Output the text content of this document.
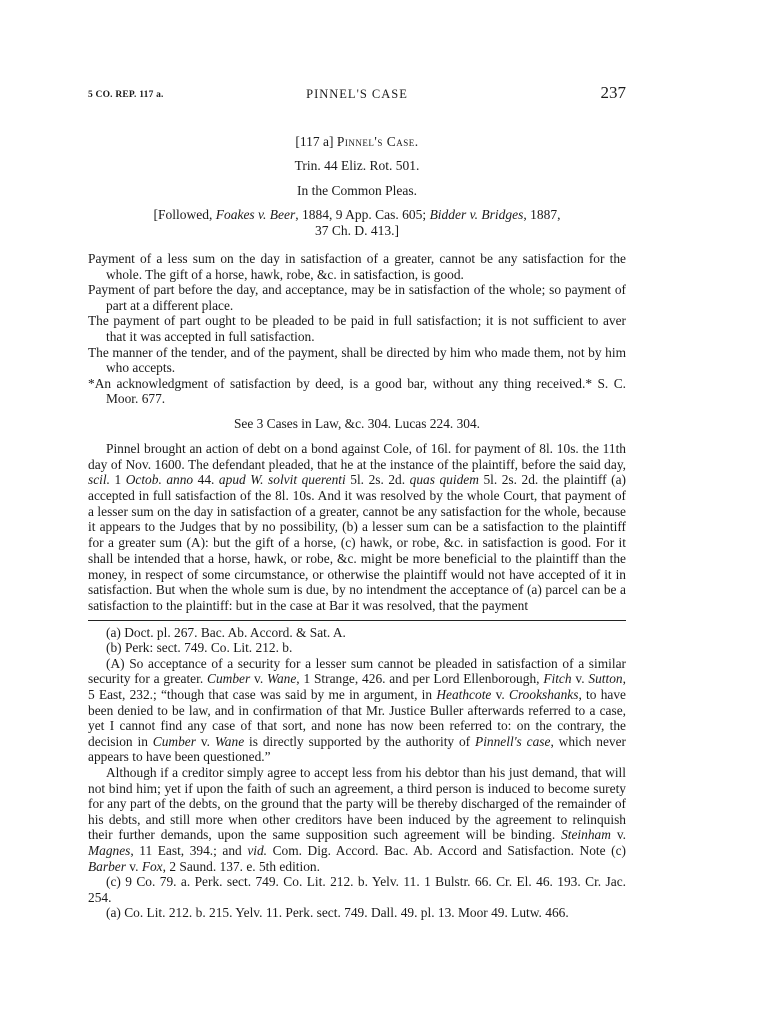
5 CO. REP. 117 a.	PINNEL'S CASE	237
[117 a] Pinnel's Case.
Trin. 44 Eliz. Rot. 501.
In the Common Pleas.
[Followed, Foakes v. Beer, 1884, 9 App. Cas. 605; Bidder v. Bridges, 1887,
37 Ch. D. 413.]

Payment of a less sum on the day in satisfaction of a greater, cannot be any satisfaction for the whole. The gift of a horse, hawk, robe, &c. in satisfaction, is good.

Payment of part before the day, and acceptance, may be in satisfaction of the whole; so payment of part at a different place.

The payment of part ought to be pleaded to be paid in full satisfaction; it is not sufficient to aver that it was accepted in full satisfaction.

The manner of the tender, and of the payment, shall be directed by him who made them, not by him who accepts.

*An acknowledgment of satisfaction by deed, is a good bar, without any thing received.* S. C. Moor. 677.

See 3 Cases in Law, &c. 304. Lucas 224. 304.

Pinnel brought an action of debt on a bond against Cole, of 16l. for payment of 8l. 10s. the 11th day of Nov. 1600. The defendant pleaded, that he at the instance of the plaintiff, before the said day, scil. 1 Octob. anno 44. apud W. solvit querenti 5l. 2s. 2d. quas quidem 5l. 2s. 2d. the plaintiff (a) accepted in full satisfaction of the 8l. 10s. And it was resolved by the whole Court, that payment of a lesser sum on the day in satisfaction of a greater, cannot be any satisfaction for the whole, because it appears to the Judges that by no possibility, (b) a lesser sum can be a satisfaction to the plaintiff for a greater sum (A): but the gift of a horse, (c) hawk, or robe, &c. in satisfaction is good. For it shall be intended that a horse, hawk, or robe, &c. might be more beneficial to the plaintiff than the money, in respect of some circumstance, or otherwise the plaintiff would not have accepted of it in satisfaction. But when the whole sum is due, by no intendment the acceptance of (a) parcel can be a satisfaction to the plaintiff: but in the case at Bar it was resolved, that the payment

(a) Doct. pl. 267. Bac. Ab. Accord. & Sat. A.

(b) Perk: sect. 749. Co. Lit. 212. b.

(A) So acceptance of a security for a lesser sum cannot be pleaded in satisfaction of a similar security for a greater. Cumber v. Wane, 1 Strange, 426. and per Lord Ellenborough, Fitch v. Sutton, 5 East, 232.; “though that case was said by me in argument, in Heathcote v. Crookshanks, to have been denied to be law, and in confirmation of that Mr. Justice Buller afterwards referred to a case, yet I cannot find any case of that sort, and none has now been referred to: on the contrary, the decision in Cumber v. Wane is directly supported by the authority of Pinnell's case, which never appears to have been questioned.”

Although if a creditor simply agree to accept less from his debtor than his just demand, that will not bind him; yet if upon the faith of such an agreement, a third person is induced to become surety for any part of the debts, on the ground that the party will be thereby discharged of the remainder of his debts, and still more when other creditors have been induced by the agreement to relinquish their further demands, upon the same supposition such agreement will be binding. Steinham v. Magnes, 11 East, 394.; and vid. Com. Dig. Accord. Bac. Ab. Accord and Satisfaction. Note (c) Barber v. Fox, 2 Saund. 137. e. 5th edition.

(c) 9 Co. 79. a. Perk. sect. 749. Co. Lit. 212. b. Yelv. 11. 1 Bulstr. 66. Cr. El. 46. 193. Cr. Jac. 254.

(a) Co. Lit. 212. b. 215. Yelv. 11. Perk. sect. 749. Dall. 49. pl. 13. Moor 49. Lutw. 466.
